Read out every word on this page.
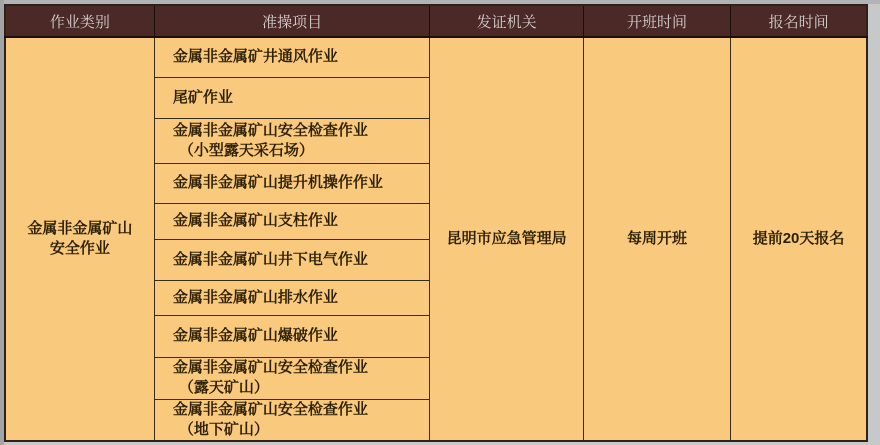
作业类别	准操项目	发证机关	开班时间	报名时间

金属非金属矿山
安全作业	金属非金属矿井通风作业	昆明市应急管理局	每周开班	提前20天报名

	尾矿作业			

	金属非金属矿山安全检查作业
（小型露天采石场）			

	金属非金属矿山提升机操作作业			

	金属非金属矿山支柱作业			

	金属非金属矿山井下电气作业			

	金属非金属矿山排水作业			

	金属非金属矿山爆破作业			

	金属非金属矿山安全检查作业
（露天矿山）			

	金属非金属矿山安全检查作业
（地下矿山）			
